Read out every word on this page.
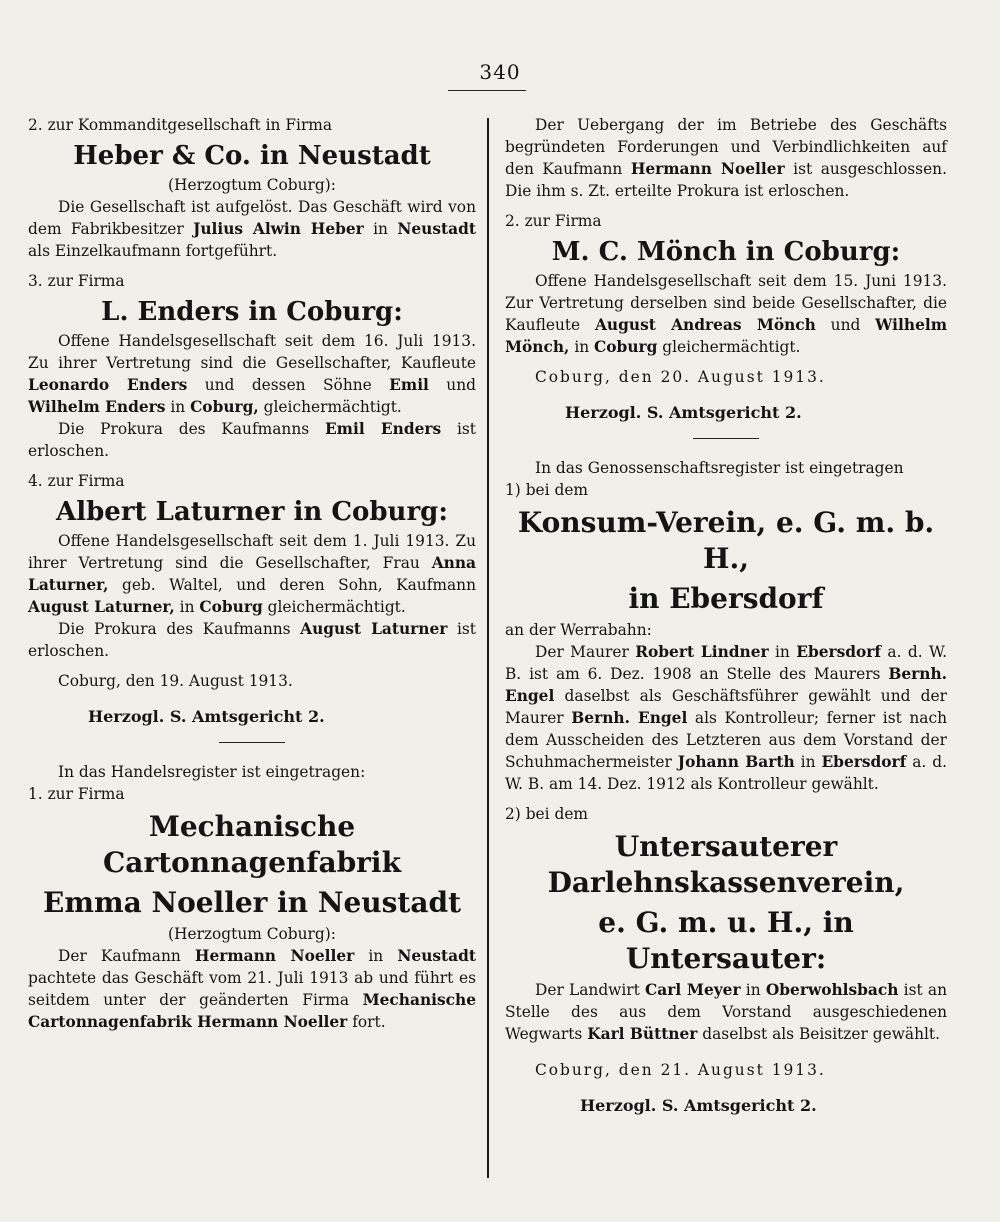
340

2. zur Kommanditgesellschaft in Firma

Heber & Co. in Neustadt
(Herzogtum Coburg):

Die Gesellschaft ist aufgelöst. Das Geschäft wird von dem Fabrikbesitzer Julius Alwin Heber in Neustadt als Einzelkaufmann fortgeführt.

3. zur Firma

L. Enders in Coburg:

Offene Handelsgesellschaft seit dem 16. Juli 1913. Zu ihrer Vertretung sind die Gesellschafter, Kaufleute Leonardo Enders und dessen Söhne Emil und Wilhelm Enders in Coburg, gleichermächtigt.

Die Prokura des Kaufmanns Emil Enders ist erloschen.

4. zur Firma

Albert Laturner in Coburg:

Offene Handelsgesellschaft seit dem 1. Juli 1913. Zu ihrer Vertretung sind die Gesellschafter, Frau Anna Laturner, geb. Waltel, und deren Sohn, Kaufmann August Laturner, in Coburg gleichermächtigt.

Die Prokura des Kaufmanns August Laturner ist erloschen.

Coburg, den 19. August 1913.

Herzogl. S. Amtsgericht 2.

In das Handelsregister ist eingetragen:

1. zur Firma

Mechanische Cartonnagenfabrik
Emma Noeller in Neustadt
(Herzogtum Coburg):

Der Kaufmann Hermann Noeller in Neustadt pachtete das Geschäft vom 21. Juli 1913 ab und führt es seitdem unter der geänderten Firma Mechanische Cartonnagenfabrik Hermann Noeller fort.

Der Uebergang der im Betriebe des Geschäfts begründeten Forderungen und Verbindlichkeiten auf den Kaufmann Hermann Noeller ist ausgeschlossen. Die ihm s. Zt. erteilte Prokura ist erloschen.

2. zur Firma

M. C. Mönch in Coburg:

Offene Handelsgesellschaft seit dem 15. Juni 1913. Zur Vertretung derselben sind beide Gesellschafter, die Kaufleute August Andreas Mönch und Wilhelm Mönch, in Coburg gleichermächtigt.

Coburg, den 20. August 1913.

Herzogl. S. Amtsgericht 2.

In das Genossenschaftsregister ist eingetragen

1) bei dem

Konsum-Verein, e. G. m. b. H.,
in Ebersdorf

an der Werrabahn:

Der Maurer Robert Lindner in Ebersdorf a. d. W. B. ist am 6. Dez. 1908 an Stelle des Maurers Bernh. Engel daselbst als Geschäftsführer gewählt und der Maurer Bernh. Engel als Kontrolleur; ferner ist nach dem Ausscheiden des Letzteren aus dem Vorstand der Schuhmachermeister Johann Barth in Ebersdorf a. d. W. B. am 14. Dez. 1912 als Kontrolleur gewählt.

2) bei dem

Untersauterer Darlehnskassenverein,
e. G. m. u. H., in Untersauter:

Der Landwirt Carl Meyer in Oberwohlsbach ist an Stelle des aus dem Vorstand ausgeschiedenen Wegwarts Karl Büttner daselbst als Beisitzer gewählt.

Coburg, den 21. August 1913.

Herzogl. S. Amtsgericht 2.
